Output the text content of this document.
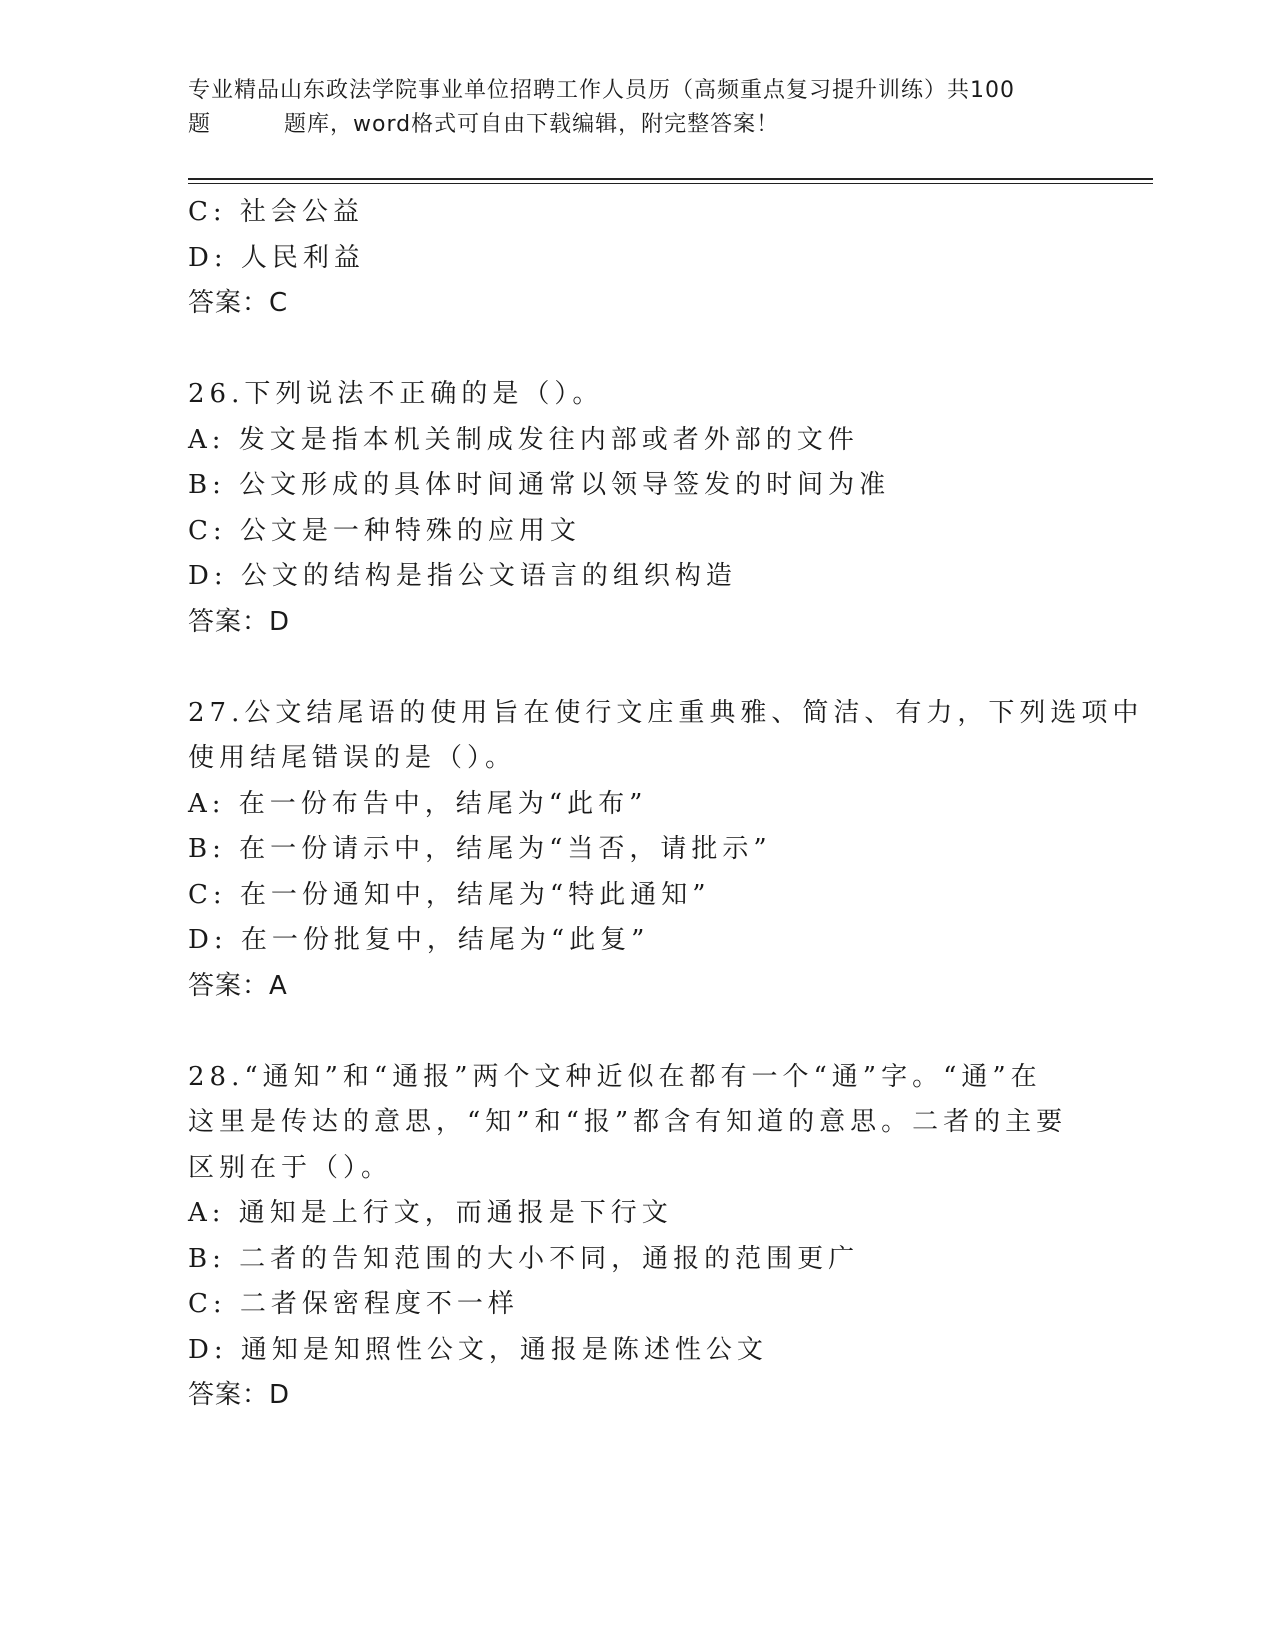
专业精品山东政法学院事业单位招聘工作人员历（高频重点复习提升训练）共100
题	题库，word格式可自由下载编辑，附完整答案！
C: 社会公益
D: 人民利益
答案：C
26.下列说法不正确的是（）。
A: 发文是指本机关制成发往内部或者外部的文件
B: 公文形成的具体时间通常以领导签发的时间为准
C: 公文是一种特殊的应用文
D: 公文的结构是指公文语言的组织构造
答案：D
27.公文结尾语的使用旨在使行文庄重典雅、简洁、有力，下列选项中
使用结尾错误的是（）。
A: 在一份布告中，结尾为“此布”
B: 在一份请示中，结尾为“当否，请批示”
C: 在一份通知中，结尾为“特此通知”
D: 在一份批复中，结尾为“此复”
答案：A
28.“通知”和“通报”两个文种近似在都有一个“通”字。“通”在
这里是传达的意思，“知”和“报”都含有知道的意思。二者的主要
区别在于（）。
A: 通知是上行文，而通报是下行文
B: 二者的告知范围的大小不同，通报的范围更广
C: 二者保密程度不一样
D: 通知是知照性公文，通报是陈述性公文
答案：D
